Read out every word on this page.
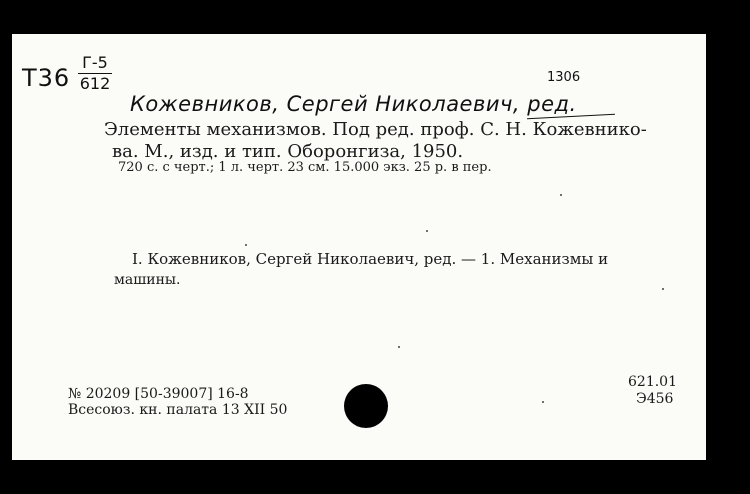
T36
Г-5
612	1306
Кожевников, Сергей Николаевич, ред.
Элементы механизмов. Под ред. проф. С. Н. Кожевнико-
ва. М., изд. и тип. Оборонгиза, 1950.
720 с. с черт.; 1 л. черт. 23 см. 15.000 экз. 25 р. в пер.
I. Кожевников, Сергей Николаевич, ред. — 1. Механизмы и
машины.
№ 20209 [50-39007] 16-8
Всесоюз. кн. палата 13 XII 50
621.01
Э456
